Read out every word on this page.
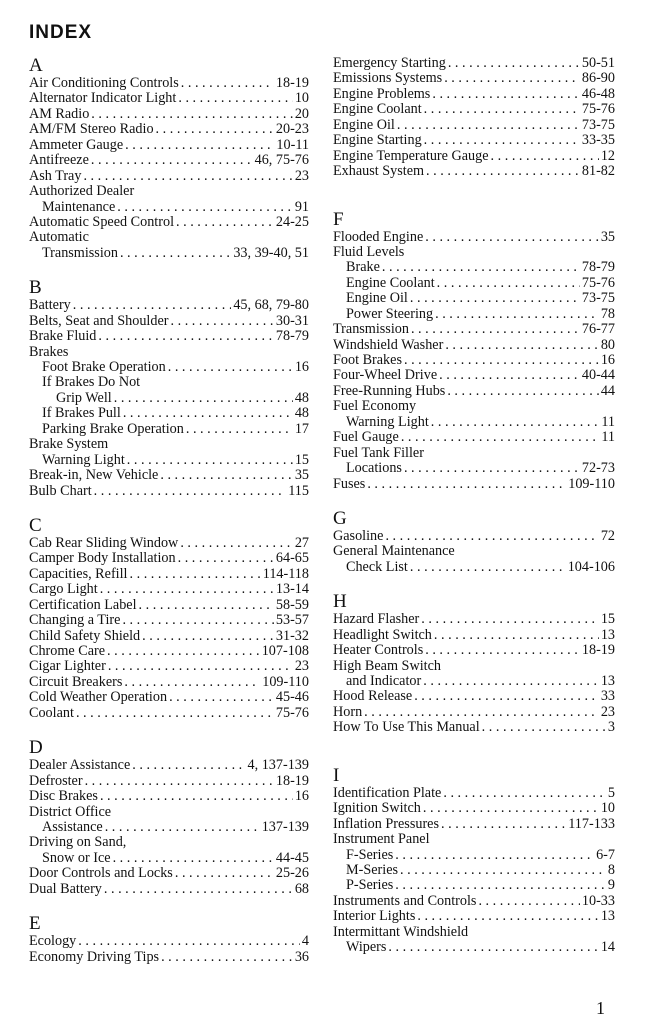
INDEX
A
Air Conditioning Controls . . .	18-19
Alternator Indicator Light . . .	10
AM Radio . . .	20
AM/FM Stereo Radio . . .	20-23
Ammeter Gauge . . .	10-11
Antifreeze . . .	46, 75-76
Ash Tray . . .	23
Authorized Dealer
Maintenance . . .	91
Automatic Speed Control . . .	24-25
Automatic
Transmission . . .	33, 39-40, 51
B
Battery . . .	45, 68, 79-80
Belts, Seat and Shoulder . . .	30-31
Brake Fluid . . .	78-79
Brakes
Foot Brake Operation . . .	16
If Brakes Do Not
Grip Well . . .	48
If Brakes Pull . . .	48
Parking Brake Operation . . .	17
Brake System
Warning Light . . .	15
Break-in, New Vehicle . . .	35
Bulb Chart . . .	115
C
Cab Rear Sliding Window . . .	27
Camper Body Installation . . .	64-65
Capacities, Refill . . .	114-118
Cargo Light . . .	13-14
Certification Label . . .	58-59
Changing a Tire . . .	53-57
Child Safety Shield . . .	31-32
Chrome Care . . .	107-108
Cigar Lighter . . .	23
Circuit Breakers . . .	109-110
Cold Weather Operation . . .	45-46
Coolant . . .	75-76
D
Dealer Assistance . . .	4, 137-139
Defroster . . .	18-19
Disc Brakes . . .	16
District Office
Assistance . . .	137-139
Driving on Sand,
Snow or Ice . . .	44-45
Door Controls and Locks . . .	25-26
Dual Battery . . .	68
E
Ecology . . .	4
Economy Driving Tips . . .	36
Emergency Starting . . .	50-51
Emissions Systems . . .	86-90
Engine Problems . . .	46-48
Engine Coolant . . .	75-76
Engine Oil . . .	73-75
Engine Starting . . .	33-35
Engine Temperature Gauge . . .	12
Exhaust System . . .	81-82
F
Flooded Engine . . .	35
Fluid Levels
Brake . . .	78-79
Engine Coolant . . .	75-76
Engine Oil . . .	73-75
Power Steering . . .	78
Transmission . . .	76-77
Windshield Washer . . .	80
Foot Brakes . . .	16
Four-Wheel Drive . . .	40-44
Free-Running Hubs . . .	44
Fuel Economy
Warning Light . . .	11
Fuel Gauge . . .	11
Fuel Tank Filler
Locations . . .	72-73
Fuses . . .	109-110
G
Gasoline . . .	72
General Maintenance
Check List . . .	104-106
H
Hazard Flasher . . .	15
Headlight Switch . . .	13
Heater Controls . . .	18-19
High Beam Switch
and Indicator . . .	13
Hood Release . . .	33
Horn . . .	23
How To Use This Manual . . .	3
I
Identification Plate . . .	5
Ignition Switch . . .	10
Inflation Pressures . . .	117-133
Instrument Panel
F-Series . . .	6-7
M-Series . . .	8
P-Series . . .	9
Instruments and Controls . . .	10-33
Interior Lights . . .	13
Intermittant Windshield
Wipers . . .	14
1
